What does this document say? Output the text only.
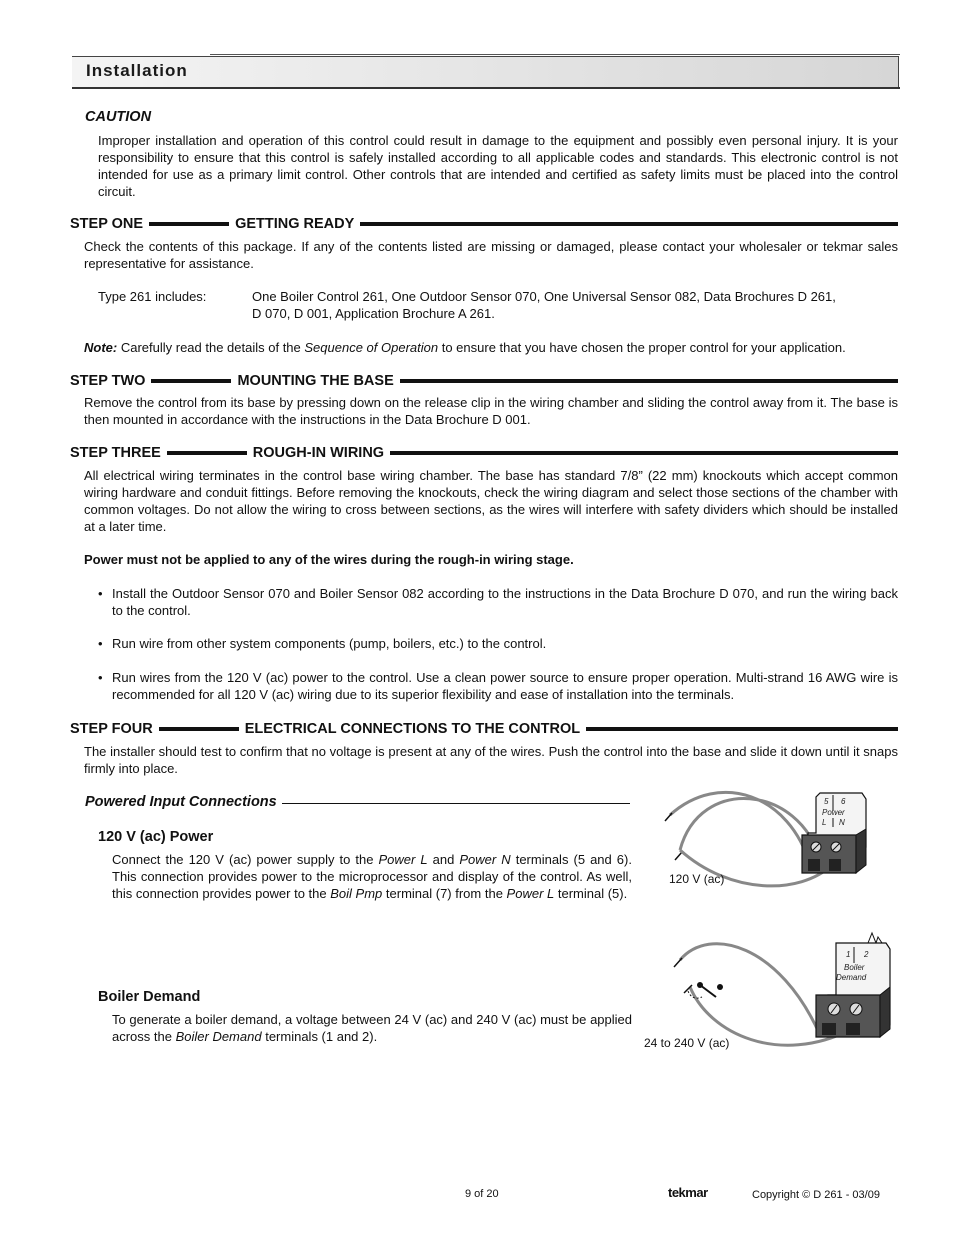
Installation
CAUTION
Improper installation and operation of this control could result in damage to the equipment and possibly even personal injury. It is your responsibility to ensure that this control is safely installed according to all applicable codes and standards. This electronic control is not intended for use as a primary limit control. Other controls that are intended and certified as safety limits must be placed into the control circuit.
STEP ONE	GETTING READY
Check the contents of this package. If any of the contents listed are missing or damaged, please contact your wholesaler or tekmar sales representative for assistance.
Type 261 includes:	One Boiler Control 261, One Outdoor Sensor 070, One Universal Sensor 082, Data Brochures D 261,
D 070, D 001, Application Brochure A 261.
Note: Carefully read the details of the Sequence of Operation to ensure that you have chosen the proper control for your application.
STEP TWO	MOUNTING THE BASE
Remove the control from its base by pressing down on the release clip in the wiring chamber and sliding the control away from it. The base is then mounted in accordance with the instructions in the Data Brochure D 001.
STEP THREE	ROUGH-IN WIRING
All electrical wiring terminates in the control base wiring chamber. The base has standard 7/8” (22 mm) knockouts which accept common wiring hardware and conduit fittings. Before removing the knockouts, check the wiring diagram and select those sections of the chamber with common voltages. Do not allow the wiring to cross between sections, as the wires will interfere with safety dividers which should be installed at a later time.
Power must not be applied to any of the wires during the rough-in wiring stage.
• Install the Outdoor Sensor 070 and Boiler Sensor 082 according to the instructions in the Data Brochure D 070, and run the wiring back to the control.
• Run wire from other system components (pump, boilers, etc.) to the control.
• Run wires from the 120 V (ac) power to the control. Use a clean power source to ensure proper operation. Multi-strand 16 AWG wire is recommended for all 120 V (ac) wiring due to its superior flexibility and ease of installation into the terminals.
STEP FOUR	ELECTRICAL CONNECTIONS TO THE CONTROL
The installer should test to confirm that no voltage is present at any of the wires. Push the control into the base and slide it down until it snaps firmly into place.
Powered Input Connections
120 V (ac) Power
Connect the 120 V (ac) power supply to the Power L and Power N terminals (5 and 6). This connection provides power to the microprocessor and display of the control. As well, this connection provides power to the Boil Pmp terminal (7) from the Power L terminal (5).
Boiler Demand
To generate a boiler demand, a voltage between 24 V (ac) and 240 V (ac) must be applied across the Boiler Demand terminals (1 and 2).
5 6
Power
L N
120 V (ac)
1 2
Boiler
Demand
24 to 240 V (ac)
9 of 20	tekmar	Copyright © D 261 - 03/09
